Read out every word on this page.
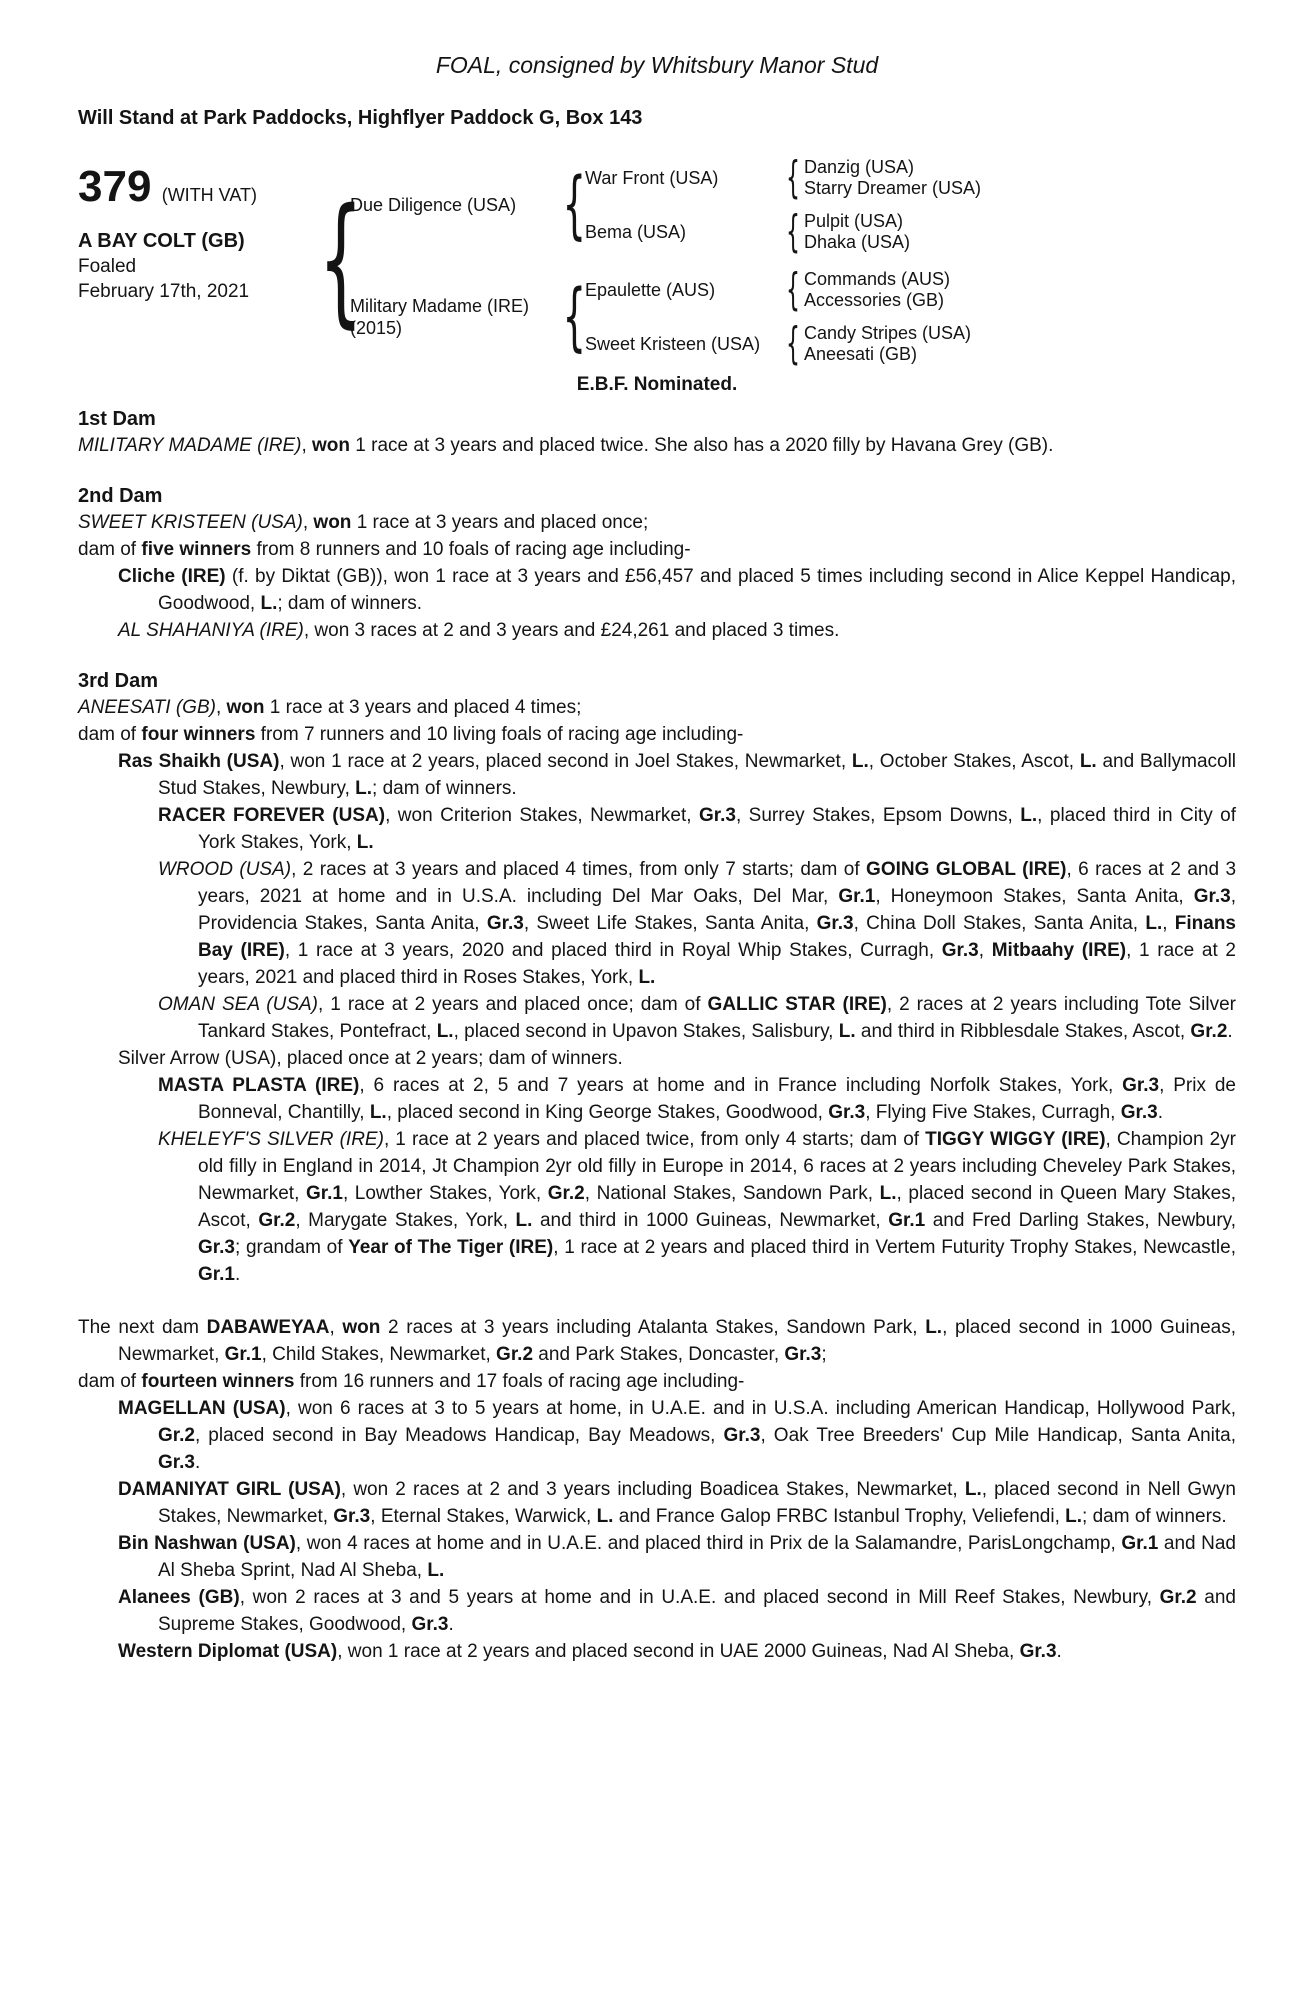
FOAL, consigned by Whitsbury Manor Stud
Will Stand at Park Paddocks, Highflyer Paddock G, Box 143
379 (WITH VAT)
A BAY COLT (GB)
Foaled
February 17th, 2021 {
Due Diligence (USA) {
War Front (USA)	{ Danzig (USA)
Starry Dreamer (USA)
Bema (USA)	{ Pulpit (USA)
Dhaka (USA)
Military Madame (IRE)
(2015)	{
Epaulette (AUS)	{ Commands (AUS)
Accessories (GB)
Sweet Kristeen (USA) { Candy Stripes (USA)
Aneesati (GB)
E.B.F. Nominated.
1st Dam

MILITARY MADAME (IRE), won 1 race at 3 years and placed twice. She also has a 2020 filly by Havana Grey (GB).

2nd Dam

SWEET KRISTEEN (USA), won 1 race at 3 years and placed once;

dam of five winners from 8 runners and 10 foals of racing age including-

Cliche (IRE) (f. by Diktat (GB)), won 1 race at 3 years and £56,457 and placed 5 times including second in Alice Keppel Handicap, Goodwood, L.; dam of winners.

AL SHAHANIYA (IRE), won 3 races at 2 and 3 years and £24,261 and placed 3 times.

3rd Dam

ANEESATI (GB), won 1 race at 3 years and placed 4 times;

dam of four winners from 7 runners and 10 living foals of racing age including-

Ras Shaikh (USA), won 1 race at 2 years, placed second in Joel Stakes, Newmarket, L., October Stakes, Ascot, L. and Ballymacoll Stud Stakes, Newbury, L.; dam of winners.

RACER FOREVER (USA), won Criterion Stakes, Newmarket, Gr.3, Surrey Stakes, Epsom Downs, L., placed third in City of York Stakes, York, L.

WROOD (USA), 2 races at 3 years and placed 4 times, from only 7 starts; dam of GOING GLOBAL (IRE), 6 races at 2 and 3 years, 2021 at home and in U.S.A. including Del Mar Oaks, Del Mar, Gr.1, Honeymoon Stakes, Santa Anita, Gr.3, Providencia Stakes, Santa Anita, Gr.3, Sweet Life Stakes, Santa Anita, Gr.3, China Doll Stakes, Santa Anita, L., Finans Bay (IRE), 1 race at 3 years, 2020 and placed third in Royal Whip Stakes, Curragh, Gr.3, Mitbaahy (IRE), 1 race at 2 years, 2021 and placed third in Roses Stakes, York, L.

OMAN SEA (USA), 1 race at 2 years and placed once; dam of GALLIC STAR (IRE), 2 races at 2 years including Tote Silver Tankard Stakes, Pontefract, L., placed second in Upavon Stakes, Salisbury, L. and third in Ribblesdale Stakes, Ascot, Gr.2.

Silver Arrow (USA), placed once at 2 years; dam of winners.

MASTA PLASTA (IRE), 6 races at 2, 5 and 7 years at home and in France including Norfolk Stakes, York, Gr.3, Prix de Bonneval, Chantilly, L., placed second in King George Stakes, Goodwood, Gr.3, Flying Five Stakes, Curragh, Gr.3.

KHELEYF'S SILVER (IRE), 1 race at 2 years and placed twice, from only 4 starts; dam of TIGGY WIGGY (IRE), Champion 2yr old filly in England in 2014, Jt Champion 2yr old filly in Europe in 2014, 6 races at 2 years including Cheveley Park Stakes, Newmarket, Gr.1, Lowther Stakes, York, Gr.2, National Stakes, Sandown Park, L., placed second in Queen Mary Stakes, Ascot, Gr.2, Marygate Stakes, York, L. and third in 1000 Guineas, Newmarket, Gr.1 and Fred Darling Stakes, Newbury, Gr.3; grandam of Year of The Tiger (IRE), 1 race at 2 years and placed third in Vertem Futurity Trophy Stakes, Newcastle, Gr.1.

The next dam DABAWEYAA, won 2 races at 3 years including Atalanta Stakes, Sandown Park, L., placed second in 1000 Guineas, Newmarket, Gr.1, Child Stakes, Newmarket, Gr.2 and Park Stakes, Doncaster, Gr.3;

dam of fourteen winners from 16 runners and 17 foals of racing age including-

MAGELLAN (USA), won 6 races at 3 to 5 years at home, in U.A.E. and in U.S.A. including American Handicap, Hollywood Park, Gr.2, placed second in Bay Meadows Handicap, Bay Meadows, Gr.3, Oak Tree Breeders' Cup Mile Handicap, Santa Anita, Gr.3.

DAMANIYAT GIRL (USA), won 2 races at 2 and 3 years including Boadicea Stakes, Newmarket, L., placed second in Nell Gwyn Stakes, Newmarket, Gr.3, Eternal Stakes, Warwick, L. and France Galop FRBC Istanbul Trophy, Veliefendi, L.; dam of winners.

Bin Nashwan (USA), won 4 races at home and in U.A.E. and placed third in Prix de la Salamandre, ParisLongchamp, Gr.1 and Nad Al Sheba Sprint, Nad Al Sheba, L.

Alanees (GB), won 2 races at 3 and 5 years at home and in U.A.E. and placed second in Mill Reef Stakes, Newbury, Gr.2 and Supreme Stakes, Goodwood, Gr.3.

Western Diplomat (USA), won 1 race at 2 years and placed second in UAE 2000 Guineas, Nad Al Sheba, Gr.3.
